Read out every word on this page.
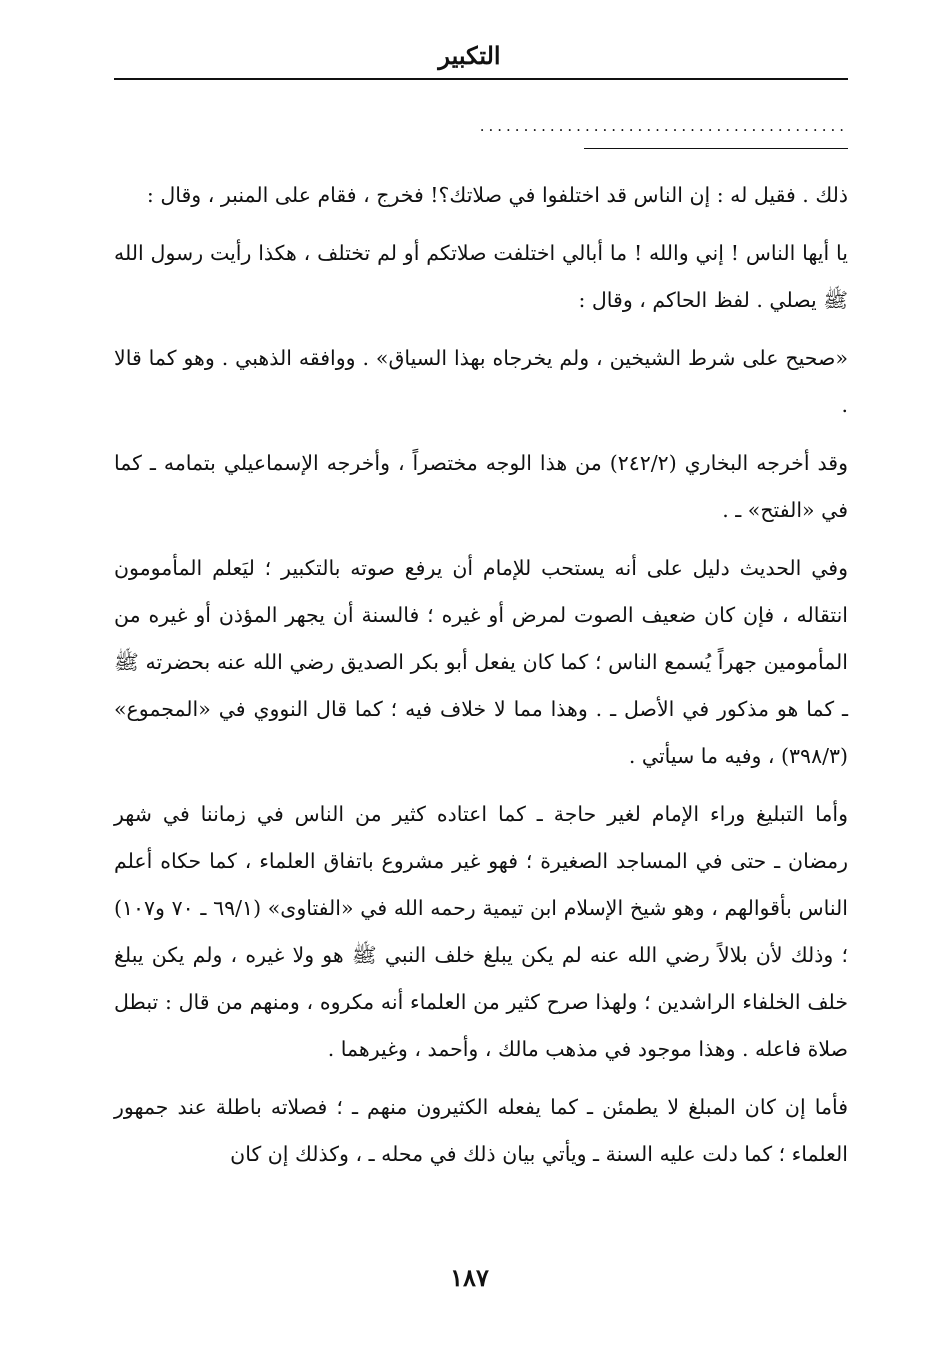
التكبير
..........................................

ذلك . فقيل له : إن الناس قد اختلفوا في صلاتك؟! فخرج ، فقام على المنبر ، وقال :

يا أيها الناس ! إني والله ! ما أبالي اختلفت صلاتكم أو لم تختلف ، هكذا رأيت رسول الله ﷺ يصلي . لفظ الحاكم ، وقال :

«صحيح على شرط الشيخين ، ولم يخرجاه بهذا السياق» . ووافقه الذهبي . وهو كما قالا .

وقد أخرجه البخاري (٢٤٢/٢) من هذا الوجه مختصراً ، وأخرجه الإسماعيلي بتمامه ـ كما في «الفتح» ـ .

وفي الحديث دليل على أنه يستحب للإمام أن يرفع صوته بالتكبير ؛ ليَعلم المأمومون انتقاله ، فإن كان ضعيف الصوت لمرض أو غيره ؛ فالسنة أن يجهر المؤذن أو غيره من المأمومين جهراً يُسمع الناس ؛ كما كان يفعل أبو بكر الصديق رضي الله عنه بحضرته ﷺ ـ كما هو مذكور في الأصل ـ . وهذا مما لا خلاف فيه ؛ كما قال النووي في «المجموع» (٣٩٨/٣) ، وفيه ما سيأتي .

وأما التبليغ وراء الإمام لغير حاجة ـ كما اعتاده كثير من الناس في زماننا في شهر رمضان ـ حتى في المساجد الصغيرة ؛ فهو غير مشروع باتفاق العلماء ، كما حكاه أعلم الناس بأقوالهم ، وهو شيخ الإسلام ابن تيمية رحمه الله في «الفتاوى» (٦٩/١ ـ ٧٠ و١٠٧) ؛ وذلك لأن بلالاً رضي الله عنه لم يكن يبلغ خلف النبي ﷺ هو ولا غيره ، ولم يكن يبلغ خلف الخلفاء الراشدين ؛ ولهذا صرح كثير من العلماء أنه مكروه ، ومنهم من قال : تبطل صلاة فاعله . وهذا موجود في مذهب مالك ، وأحمد ، وغيرهما .

فأما إن كان المبلغ لا يطمئن ـ كما يفعله الكثيرون منهم ـ ؛ فصلاته باطلة عند جمهور العلماء ؛ كما دلت عليه السنة ـ ويأتي بيان ذلك في محله ـ ، وكذلك إن كان

١٨٧
